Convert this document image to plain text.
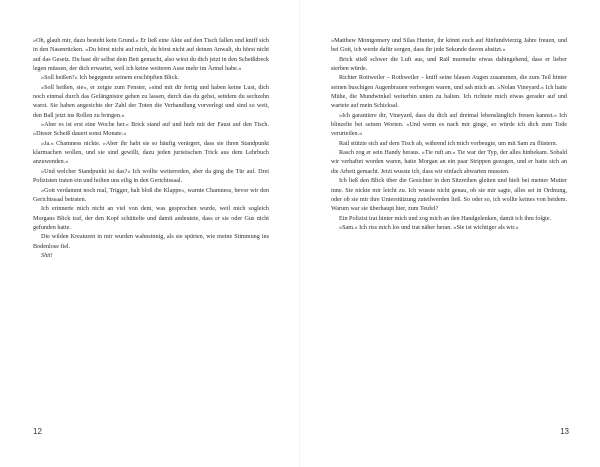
»Oh, glaub mir, dazu besteht kein Grund.« Er ließ eine Akte auf den Tisch fallen und kniff sich in den Nasenrücken. »Du hörst nicht auf mich, du hörst nicht auf deinen Anwalt, du hörst nicht auf das Gesetz. Du hast dir selbst dein Bett gemacht, also wirst du dich jetzt in den Scheißdreck legen müssen, der dich erwartet, weil ich keine weiteren Asse mehr im Ärmel habe.«

»Soll heißen?« Ich begegnete seinem erschöpften Blick.

»Soll heißen, sie«, er zeigte zum Fenster, »sind mit dir fertig und haben keine Lust, dich noch einmal durch das Gefängnistor gehen zu lassen, durch das du gehst, seitdem du sechzehn warst. Sie haben angesichts der Zahl der Toten die Verhandlung vorverlegt und sind so weit, den Ball jetzt ins Rollen zu bringen.«

»Aber es ist erst eine Woche her.« Brick stand auf und hieb mit der Faust auf den Tisch. »Dieser Scheiß dauert sonst Monate.«

»Ja.« Chamness nickte. »Aber ihr habt sie so häufig verärgert, dass sie ihren Standpunkt klarmachen wollen, und sie sind gewillt, dazu jeden juristischen Trick aus dem Lehrbuch anzuwenden.«

»Und welcher Standpunkt ist das?« Ich wollte weiterreden, aber da ging die Tür auf. Drei Polizisten traten ein und holten uns eilig in den Gerichtssaal.

»Gott verdammt noch mal, Trigger, halt bloß die Klappe«, warnte Chamness, bevor wir den Gerichtssaal betraten.

Ich erinnerte mich nicht an viel von dem, was gesprochen wurde, weil mich sogleich Morgans Blick traf, der den Kopf schüttelte und damit andeutete, dass er sie oder Gus nicht gefunden hatte.

Die wilden Kreaturen in mir wurden wahnsinnig, als sie spürten, wie meine Stimmung ins Bodenlose fiel.

Shit!

12

»Matthew Montgomery und Silas Hunter, ihr könnt euch auf fünfundvierzig Jahre freuen, und bei Gott, ich werde dafür sorgen, dass ihr jede Sekunde davon absitzt.«

Brick stieß schwer die Luft aus, und Rail murmelte etwas dahingehend, dass er lieber sterben würde.

Richter Rottweiler – Rothweiler – kniff seine blauen Augen zusammen, die zum Teil hinter seinen buschigen Augenbrauen verborgen waren, und sah mich an. »Nolan Vineyard.« Ich hatte Mühe, die Mundwinkel weiterhin unten zu halten. Ich richtete mich etwas gerader auf und wartete auf mein Schicksal.

»Ich garantiere dir, Vineyard, dass du dich auf dreimal lebenslänglich freuen kannst.« Ich blinzelte bei seinen Worten. »Und wenn es nach mir ginge, so würde ich dich zum Tode verurteilen.«

Rail stützte sich auf dem Tisch ab, während ich mich vorbeugte, um mit Sam zu flüstern.

Rasch zog er sein Handy heraus. »Tie ruft an.« Tie war der Typ, der alles hinbekam. Sobald wir verhaftet worden waren, hatte Morgan an ein paar Strippen gezogen, und er hatte sich an die Arbeit gemacht. Jetzt wusste ich, dass wir einfach abwarten mussten.

Ich ließ den Blick über die Gesichter in den Sitzreihen gleiten und hielt bei meiner Mutter inne. Sie nickte mir leicht zu. Ich wusste nicht genau, ob sie mir sagte, alles sei in Ordnung, oder ob sie mir ihre Unterstützung zuteilwerden ließ. So oder so, ich wollte keines von beidem. Warum war sie überhaupt hier, zum Teufel?

Ein Polizist trat hinter mich und zog mich an den Handgelenken, damit ich ihm folgte.

»Sam.« Ich riss mich los und trat näher heran. »Sie ist wichtiger als wir.«

13
